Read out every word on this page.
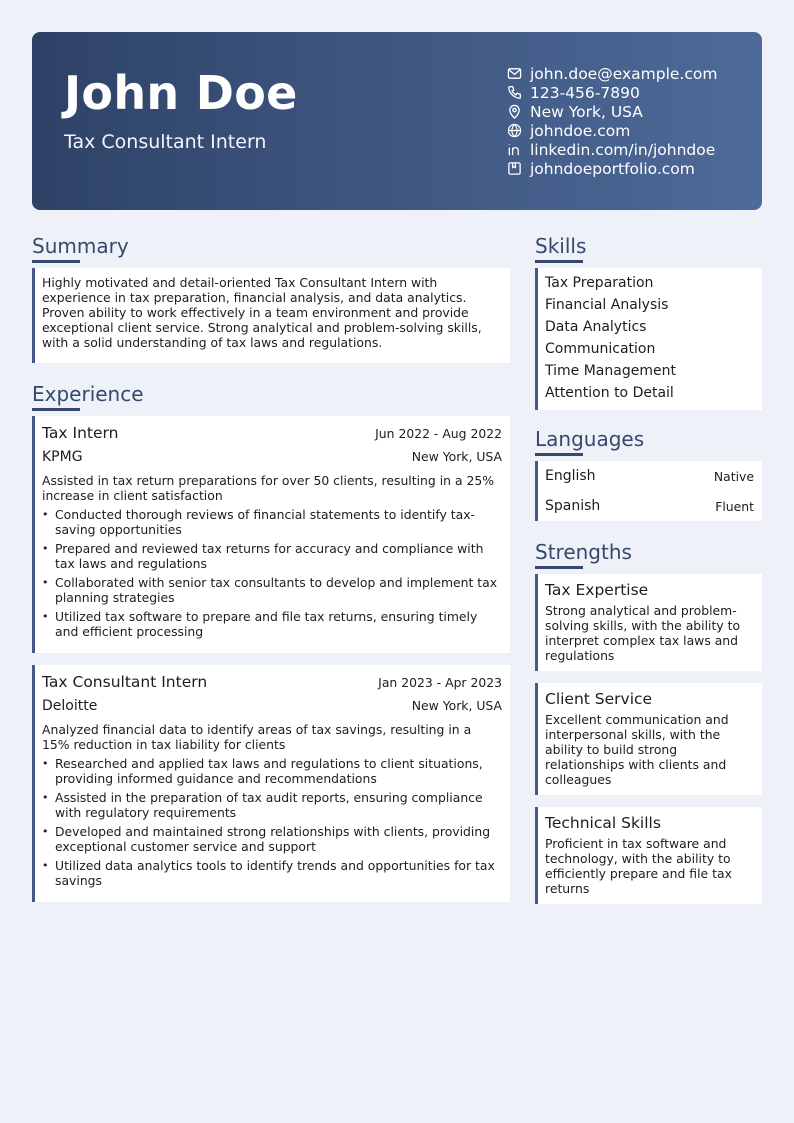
John Doe
Tax Consultant Intern
john.doe@example.com
123-456-7890
New York, USA
johndoe.com
linkedin.com/in/johndoe
johndoeportfolio.com
Summary
Highly motivated and detail-oriented Tax Consultant Intern with experience in tax preparation, financial analysis, and data analytics. Proven ability to work effectively in a team environment and provide exceptional client service. Strong analytical and problem-solving skills, with a solid understanding of tax laws and regulations.
Experience
Tax Intern	Jun 2022 - Aug 2022
KPMG	New York, USA
Assisted in tax return preparations for over 50 clients, resulting in a 25% increase in client satisfaction
• Conducted thorough reviews of financial statements to identify tax-saving opportunities
• Prepared and reviewed tax returns for accuracy and compliance with tax laws and regulations
• Collaborated with senior tax consultants to develop and implement tax planning strategies
• Utilized tax software to prepare and file tax returns, ensuring timely and efficient processing
Tax Consultant Intern	Jan 2023 - Apr 2023
Deloitte	New York, USA
Analyzed financial data to identify areas of tax savings, resulting in a 15% reduction in tax liability for clients
• Researched and applied tax laws and regulations to client situations, providing informed guidance and recommendations
• Assisted in the preparation of tax audit reports, ensuring compliance with regulatory requirements
• Developed and maintained strong relationships with clients, providing exceptional customer service and support
• Utilized data analytics tools to identify trends and opportunities for tax savings
Skills
Tax Preparation
Financial Analysis
Data Analytics
Communication
Time Management
Attention to Detail
Languages
English	Native
Spanish	Fluent
Strengths
Tax Expertise
Strong analytical and problem-solving skills, with the ability to interpret complex tax laws and regulations
Client Service
Excellent communication and interpersonal skills, with the ability to build strong relationships with clients and colleagues
Technical Skills
Proficient in tax software and technology, with the ability to efficiently prepare and file tax returns
